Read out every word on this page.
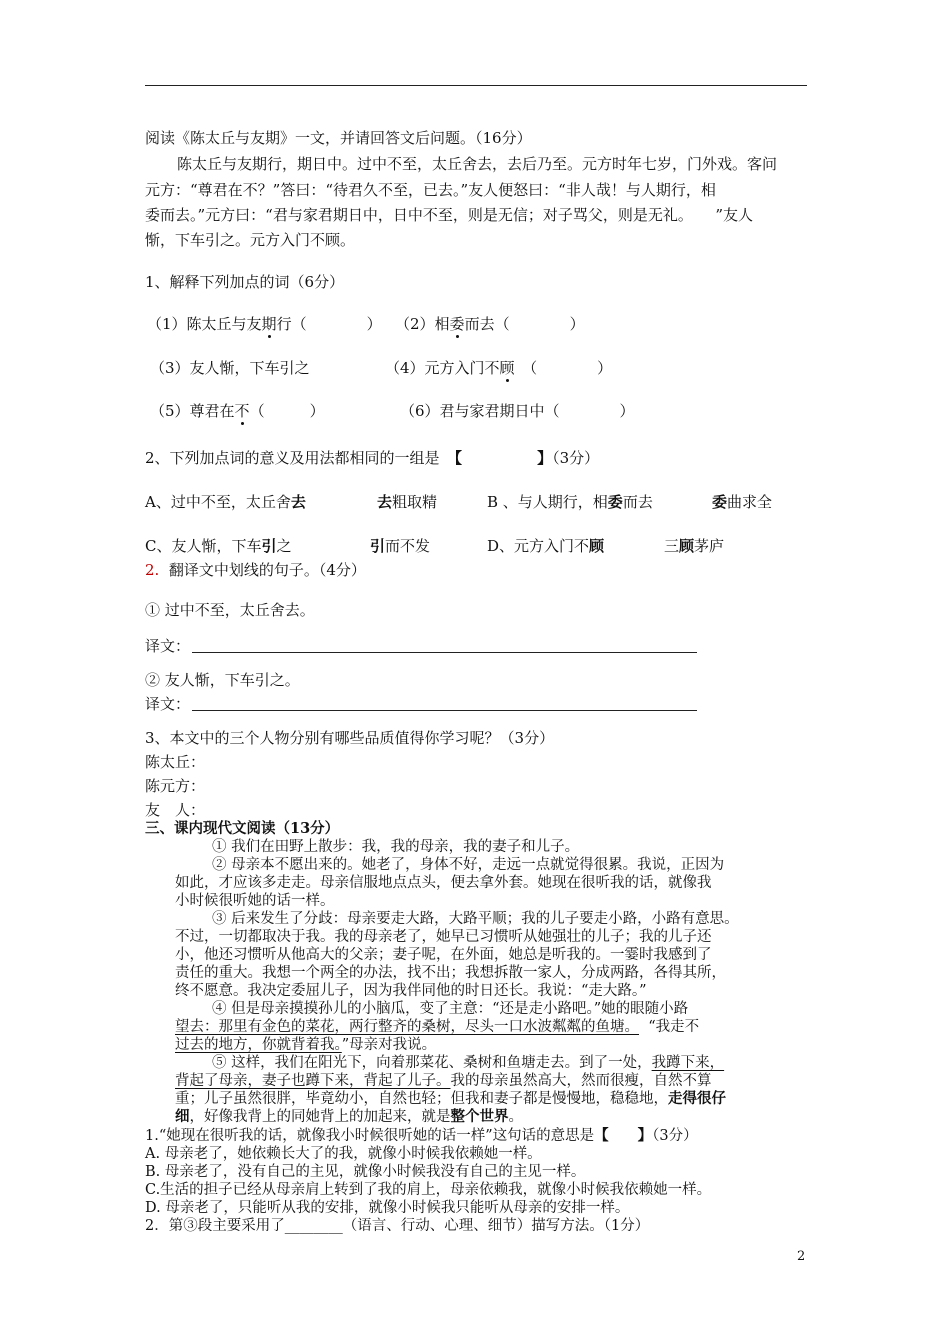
阅读《陈太丘与友期》一文，并请回答文后问题。（16分）
陈太丘与友期行，期日中。过中不至，太丘舍去，去后乃至。元方时年七岁，门外戏。客问
元方：“尊君在不？”答曰：“待君久不至，已去。”友人便怒曰：“非人哉！与人期行，相
委而去。”元方曰：“君与家君期日中，日中不至，则是无信；对子骂父，则是无礼。　　”友人
惭，下车引之。元方入门不顾。
1、解释下列加点的词（6分）
（1）陈太丘与友期行（　　　　） （2）相委而去（　　　　）
（3）友人惭，下车引之	（4）元方入门不顾　（　　　　）
（5）尊君在不（　　　）	（6）君与家君期日中（　　　　）
2、下列加点词的意义及用法都相同的一组是　【　　　　　	】（3分）
A、过中不至，太丘舍去	去粗取精	B 、与人期行，相委而去	委曲求全
C、友人惭，下车引之	引而不发	D、元方入门不顾	三顾茅庐
2. 翻译文中划线的句子。（4分）
① 过中不至，太丘舍去。
译文：
② 友人惭，下车引之。
译文：
3、本文中的三个人物分别有哪些品质值得你学习呢？（3分）
陈太丘：
陈元方：
友　人：
三、课内现代文阅读（13分）
① 我们在田野上散步：我，我的母亲，我的妻子和儿子。
② 母亲本不愿出来的。她老了，身体不好，走远一点就觉得很累。我说，正因为
如此，才应该多走走。母亲信服地点点头，便去拿外套。她现在很听我的话，就像我
小时候很听她的话一样。
③ 后来发生了分歧：母亲要走大路，大路平顺；我的儿子要走小路，小路有意思。
不过，一切都取决于我。我的母亲老了，她早已习惯听从她强壮的儿子；我的儿子还
小，他还习惯听从他高大的父亲；妻子呢，在外面，她总是听我的。一霎时我感到了
责任的重大。我想一个两全的办法，找不出；我想拆散一家人，分成两路，各得其所，
终不愿意。我决定委屈儿子，因为我伴同他的时日还长。我说：“走大路。”
④ 但是母亲摸摸孙儿的小脑瓜，变了主意：“还是走小路吧。”她的眼随小路
望去：那里有金色的菜花，两行整齐的桑树，尽头一口水波粼粼的鱼塘。 “我走不
过去的地方，你就背着我。”母亲对我说。
⑤ 这样，我们在阳光下，向着那菜花、桑树和鱼塘走去。到了一处，我蹲下来，
背起了母亲，妻子也蹲下来，背起了儿子。我的母亲虽然高大，然而很瘦，自然不算
重；儿子虽然很胖，毕竟幼小，自然也轻；但我和妻子都是慢慢地，稳稳地，走得很仔
细，好像我背上的同她背上的加起来，就是整个世界。
1.“她现在很听我的话，就像我小时候很听她的话一样”这句话的意思是【　　 】（3分）
A. 母亲老了，她依赖长大了的我，就像小时候我依赖她一样。
B. 母亲老了，没有自己的主见，就像小时候我没有自己的主见一样。
C.生活的担子已经从母亲肩上转到了我的肩上，母亲依赖我，就像小时候我依赖她一样。
D. 母亲老了，只能听从我的安排，就像小时候我只能听从母亲的安排一样。
2．第③段主要采用了________（语言、行动、心理、细节）描写方法。（1分）
2
